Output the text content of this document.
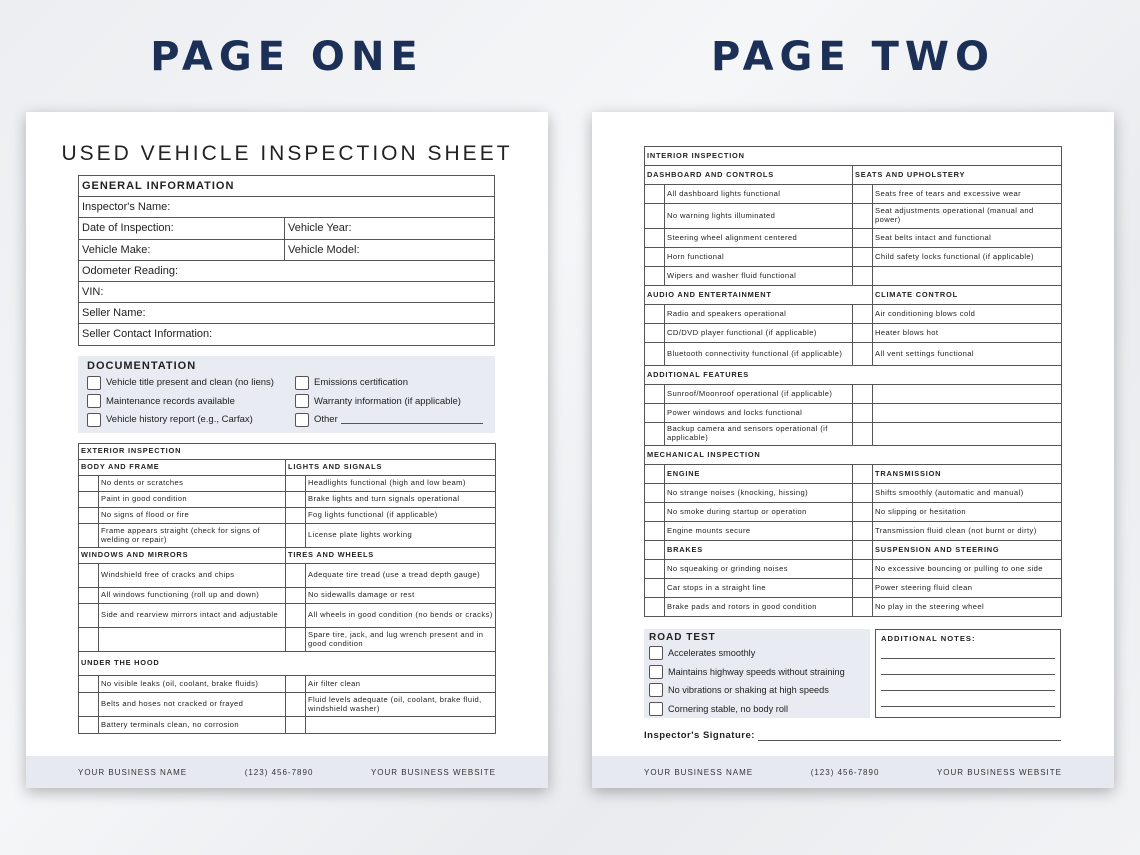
PAGE ONE	PAGE TWO
USED VEHICLE INSPECTION SHEET
GENERAL INFORMATION	
Inspector's Name:	
Date of Inspection:	Vehicle Year:
Vehicle Make:	Vehicle Model:
Odometer Reading:	
VIN:	
Seller Name:	
Seller Contact Information:	
DOCUMENTATION
Vehicle title present and clean (no liens)	Emissions certification
Maintenance records available	Warranty information (if applicable)
Vehicle history report (e.g., Carfax)	Other
EXTERIOR INSPECTION			
BODY AND FRAME		LIGHTS AND SIGNALS	
	No dents or scratches		Headlights functional (high and low beam)
	Paint in good condition		Brake lights and turn signals operational
	No signs of flood or fire		Fog lights functional (if applicable)
	Frame appears straight (check for signs of welding or repair)		License plate lights working
WINDOWS AND MIRRORS		TIRES AND WHEELS	
	Windshield free of cracks and chips		Adequate tire tread (use a tread depth gauge)
	All windows functioning (roll up and down)		No sidewalls damage or rest
	Side and rearview mirrors intact and adjustable		All wheels in good condition (no bends or cracks)
			Spare tire, jack, and lug wrench present and in good condition
UNDER THE HOOD			
	No visible leaks (oil, coolant, brake fluids)		Air filter clean
	Belts and hoses not cracked or frayed		Fluid levels adequate (oil, coolant, brake fluid, windshield washer)
	Battery terminals clean, no corrosion		
YOUR BUSINESS NAME	(123) 456-7890	YOUR BUSINESS WEBSITE
INTERIOR INSPECTION			
DASHBOARD AND CONTROLS		SEATS AND UPHOLSTERY	
	All dashboard lights functional		Seats free of tears and excessive wear
	No warning lights illuminated		Seat adjustments operational (manual and power)
	Steering wheel alignment centered		Seat belts intact and functional
	Horn functional		Child safety locks functional (if applicable)
	Wipers and washer fluid functional		
AUDIO AND ENTERTAINMENT			CLIMATE CONTROL
	Radio and speakers operational		Air conditioning blows cold
	CD/DVD player functional (if applicable)		Heater blows hot
	Bluetooth connectivity functional (if applicable)		All vent settings functional
ADDITIONAL FEATURES			
	Sunroof/Moonroof operational (if applicable)		
	Power windows and locks functional		
	Backup camera and sensors operational (if applicable)		
MECHANICAL INSPECTION			
	ENGINE		TRANSMISSION
	No strange noises (knocking, hissing)		Shifts smoothly (automatic and manual)
	No smoke during startup or operation		No slipping or hesitation
	Engine mounts secure		Transmission fluid clean (not burnt or dirty)
	BRAKES		SUSPENSION AND STEERING
	No squeaking or grinding noises		No excessive bouncing or pulling to one side
	Car stops in a straight line		Power steering fluid clean
	Brake pads and rotors in good condition		No play in the steering wheel
ROAD TEST
Accelerates smoothly
Maintains highway speeds without straining
No vibrations or shaking at high speeds
Cornering stable, no body roll
ADDITIONAL NOTES:
Inspector's Signature:
YOUR BUSINESS NAME	(123) 456-7890	YOUR BUSINESS WEBSITE
